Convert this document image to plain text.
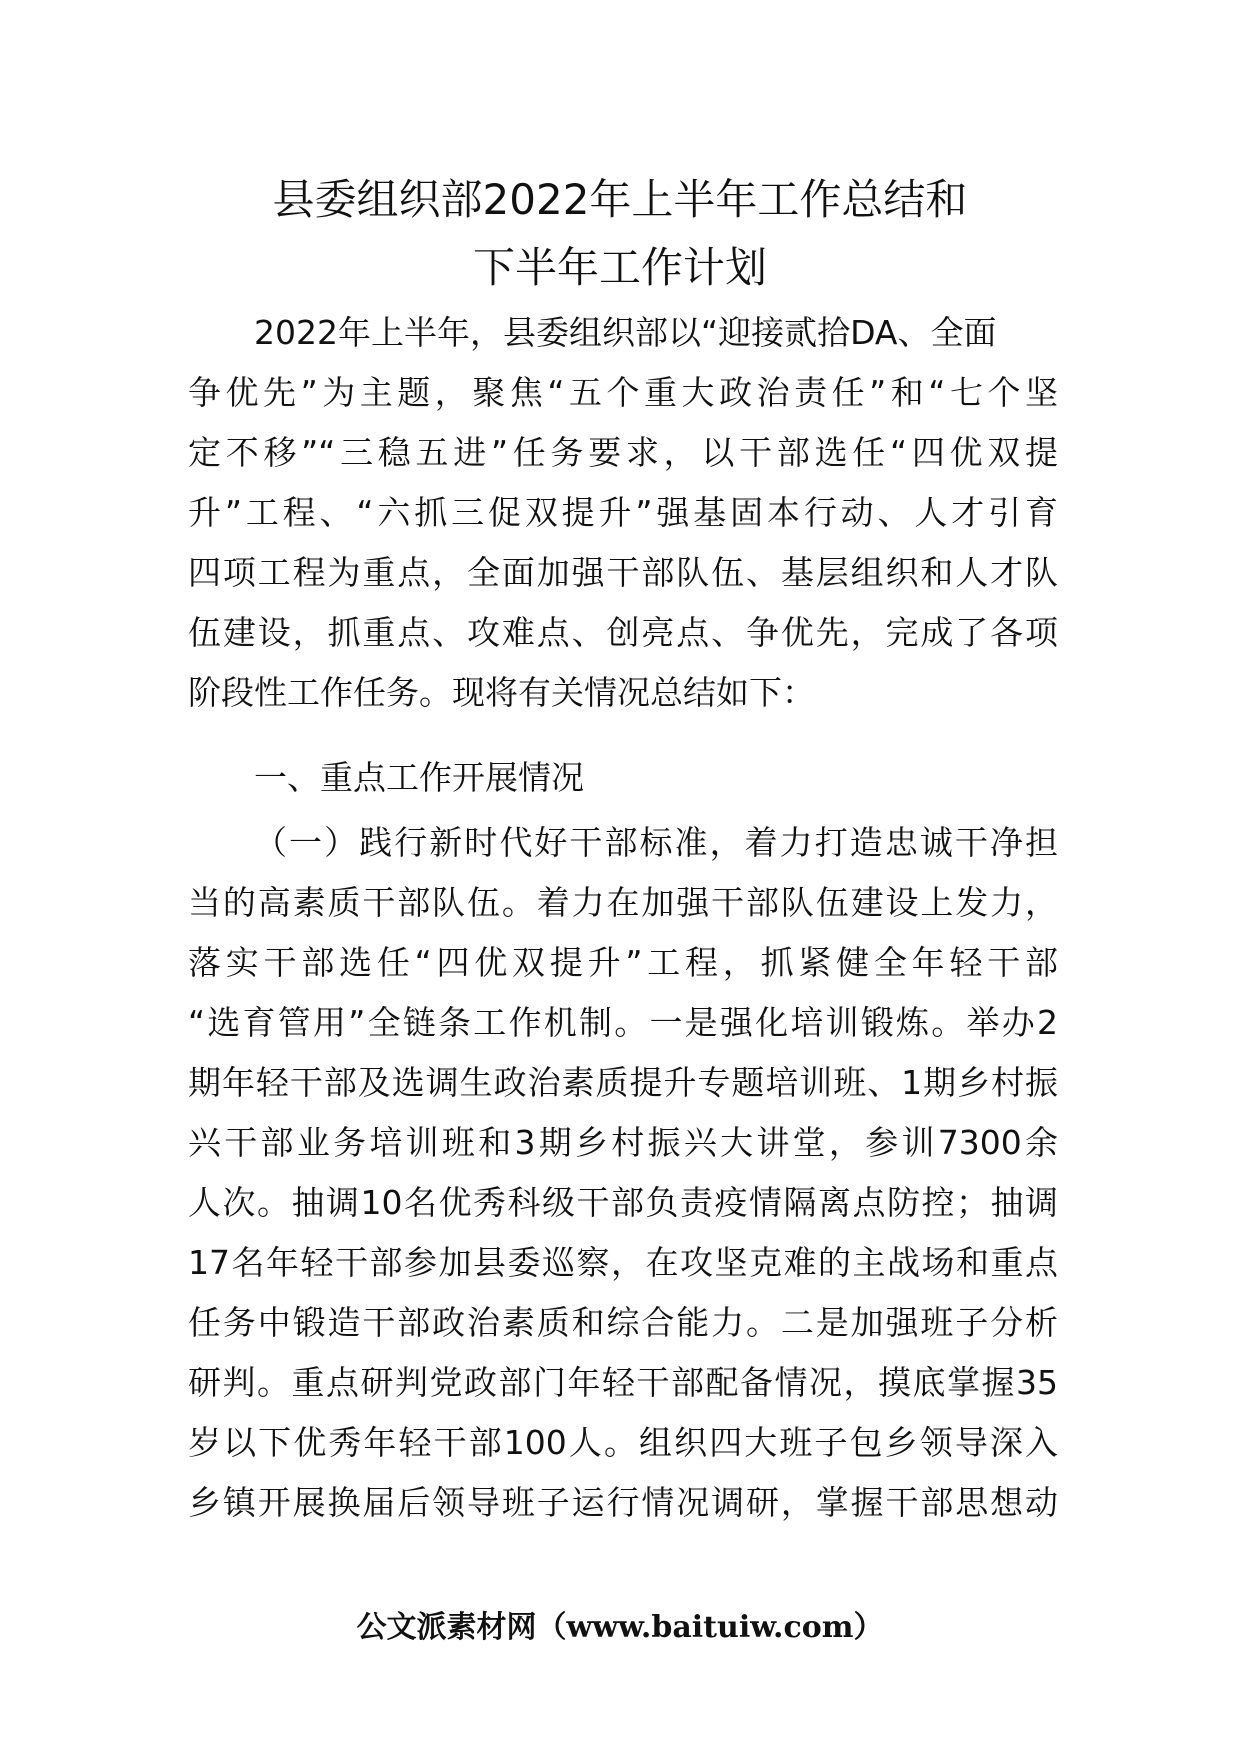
县委组织部2022年上半年工作总结和
下半年工作计划
2022年上半年，县委组织部以“迎接贰拾DA、全面
争优先”为主题，聚焦“五个重大政治责任”和“七个坚
定不移”“三稳五进”任务要求，以干部选任“四优双提
升”工程、“六抓三促双提升”强基固本行动、人才引育
四项工程为重点，全面加强干部队伍、基层组织和人才队
伍建设，抓重点、攻难点、创亮点、争优先，完成了各项
阶段性工作任务。现将有关情况总结如下：
一、重点工作开展情况
（一）践行新时代好干部标准，着力打造忠诚干净担
当的高素质干部队伍。着力在加强干部队伍建设上发力，
落实干部选任“四优双提升”工程，抓紧健全年轻干部
“选育管用”全链条工作机制。一是强化培训锻炼。举办2
期年轻干部及选调生政治素质提升专题培训班、1期乡村振
兴干部业务培训班和3期乡村振兴大讲堂，参训7300余
人次。抽调10名优秀科级干部负责疫情隔离点防控；抽调
17名年轻干部参加县委巡察，在攻坚克难的主战场和重点
任务中锻造干部政治素质和综合能力。二是加强班子分析
研判。重点研判党政部门年轻干部配备情况，摸底掌握35
岁以下优秀年轻干部100人。组织四大班子包乡领导深入
乡镇开展换届后领导班子运行情况调研，掌握干部思想动
公文派素材网（www.baituiw.com）
